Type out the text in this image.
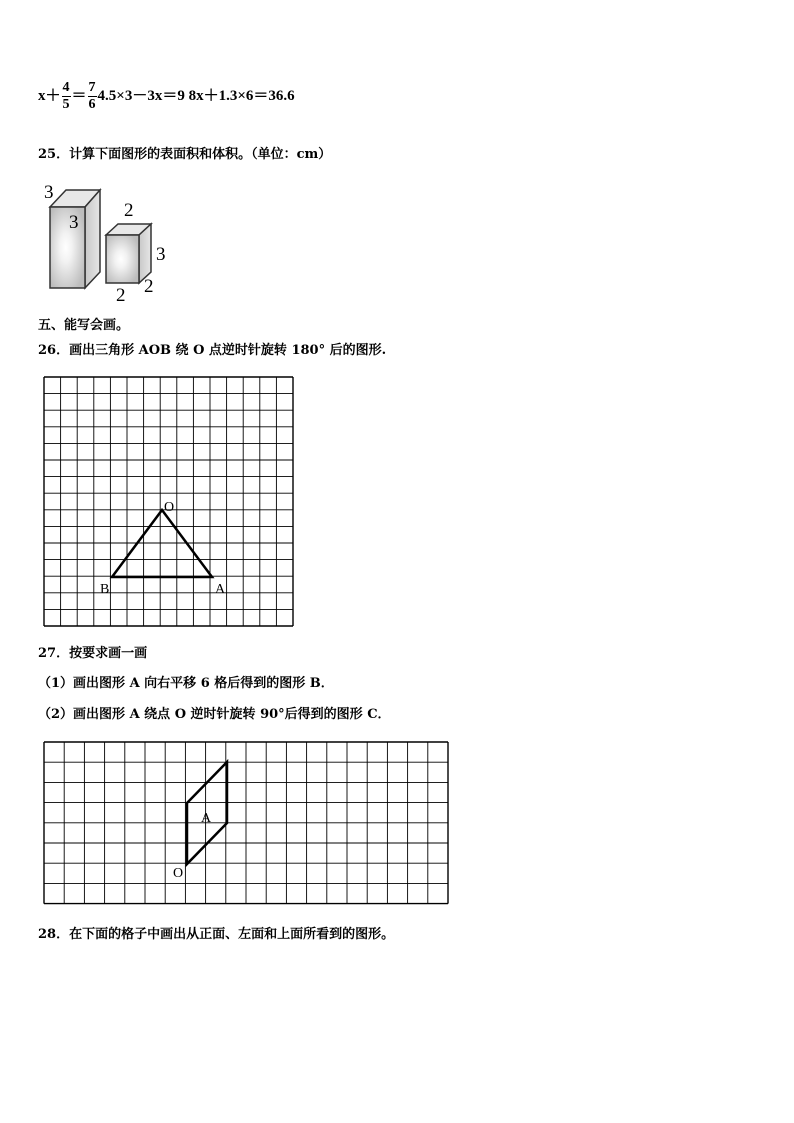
$x+ \frac{4}{5} = \frac{7}{6} 4.5\times 3-3x=9$ 8x＋1.3×6＝36.6
25．计算下面图形的表面积和体积。（单位：cm）
3
3
2
3
2 2
五、能写会画。
26．画出三角形 AOB 绕 O 点逆时针旋转 180° 后的图形.
O
B	A
A
O
27．按要求画一画
（1）画出图形 A 向右平移 6 格后得到的图形 B．
（2）画出图形 A 绕点 O 逆时针旋转 90°后得到的图形 C．
28．在下面的格子中画出从正面、左面和上面所看到的图形。
